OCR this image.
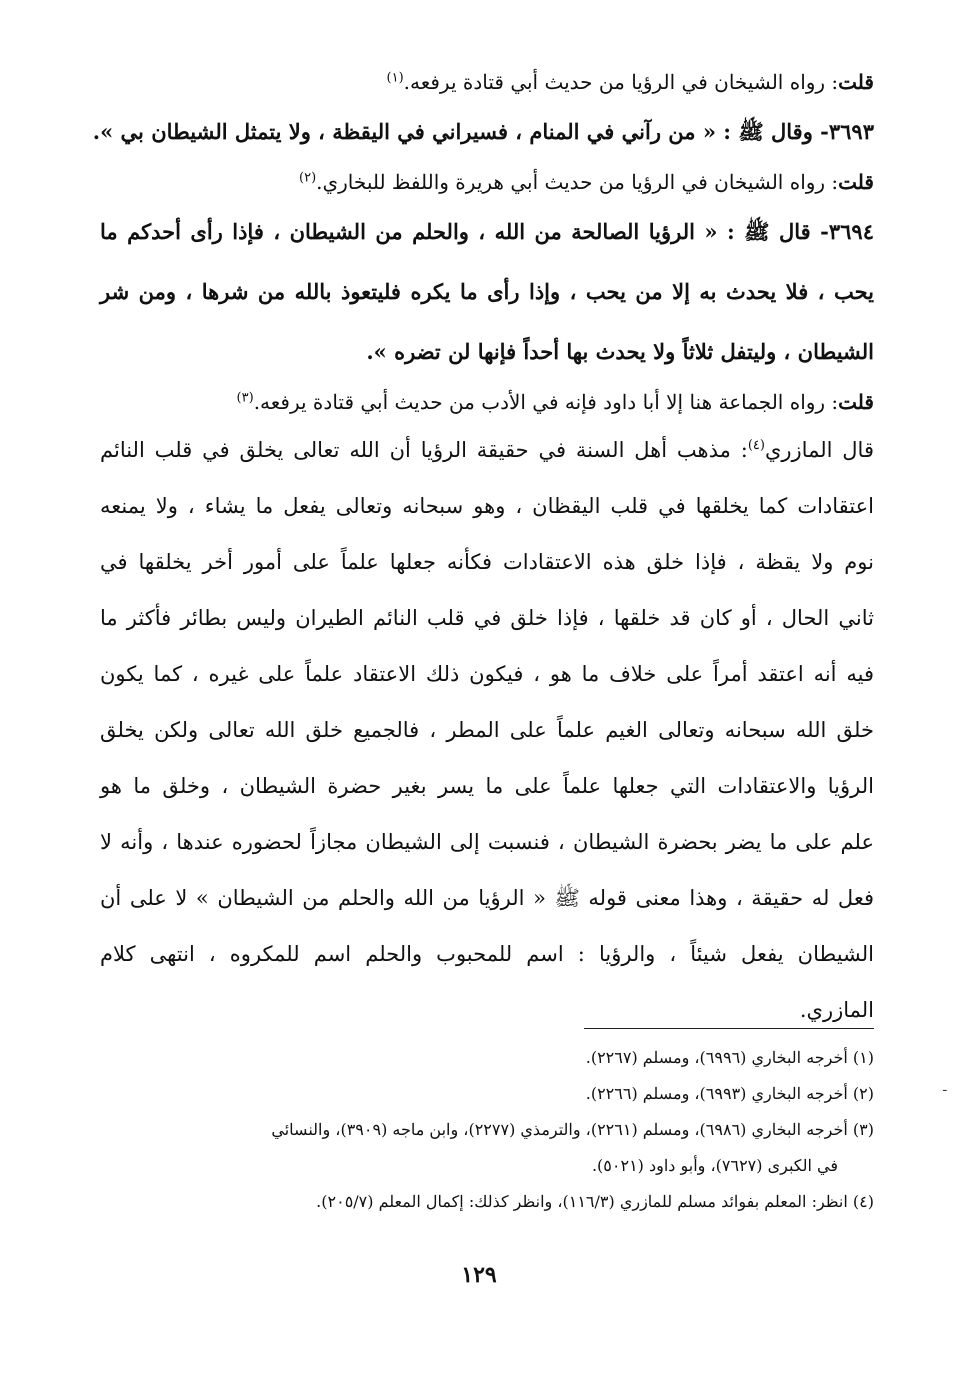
قلت: رواه الشيخان في الرؤيا من حديث أبي قتادة يرفعه.$^{(١)}$
٣٦٩٣- وقال ﷺ : « من رآني في المنام ، فسيراني في اليقظة ، ولا يتمثل الشيطان بي ».
قلت: رواه الشيخان في الرؤيا من حديث أبي هريرة واللفظ للبخاري.$^{(٢)}$
٣٦٩٤- قال ﷺ : « الرؤيا الصالحة من الله ، والحلم من الشيطان ، فإذا رأى أحدكم ما
يحب ، فلا يحدث به إلا من يحب ، وإذا رأى ما يكره فليتعوذ بالله من شرها ، ومن شر
الشيطان ، وليتفل ثلاثاً ولا يحدث بها أحداً فإنها لن تضره ».
قلت: رواه الجماعة هنا إلا أبا داود فإنه في الأدب من حديث أبي قتادة يرفعه.$^{(٣)}$
قال المازري$^{(٤)}$: مذهب أهل السنة في حقيقة الرؤيا أن الله تعالى يخلق في قلب النائم
اعتقادات كما يخلقها في قلب اليقظان ، وهو سبحانه وتعالى يفعل ما يشاء ، ولا يمنعه
نوم ولا يقظة ، فإذا خلق هذه الاعتقادات فكأنه جعلها علماً على أمور أخر يخلقها في
ثاني الحال ، أو كان قد خلقها ، فإذا خلق في قلب النائم الطيران وليس بطائر فأكثر ما
فيه أنه اعتقد أمراً على خلاف ما هو ، فيكون ذلك الاعتقاد علماً على غيره ، كما يكون
خلق الله سبحانه وتعالى الغيم علماً على المطر ، فالجميع خلق الله تعالى ولكن يخلق
الرؤيا والاعتقادات التي جعلها علماً على ما يسر بغير حضرة الشيطان ، وخلق ما هو
علم على ما يضر بحضرة الشيطان ، فنسبت إلى الشيطان مجازاً لحضوره عندها ، وأنه لا
فعل له حقيقة ، وهذا معنى قوله ﷺ « الرؤيا من الله والحلم من الشيطان » لا على أن
الشيطان يفعل شيئاً ، والرؤيا : اسم للمحبوب والحلم اسم للمكروه ، انتهى كلام
المازري.
(١) أخرجه البخاري (٦٩٩٦)، ومسلم (٢٢٦٧).
(٢) أخرجه البخاري (٦٩٩٣)، ومسلم (٢٢٦٦).
(٣) أخرجه البخاري (٦٩٨٦)، ومسلم (٢٢٦١)، والترمذي (٢٢٧٧)، وابن ماجه (٣٩٠٩)، والنسائي
في الكبرى (٧٦٢٧)، وأبو داود (٥٠٢١).
(٤) انظر: المعلم بفوائد مسلم للمازري (١١٦/٣)، وانظر كذلك: إكمال المعلم (٢٠٥/٧).
١٢٩
ـ
